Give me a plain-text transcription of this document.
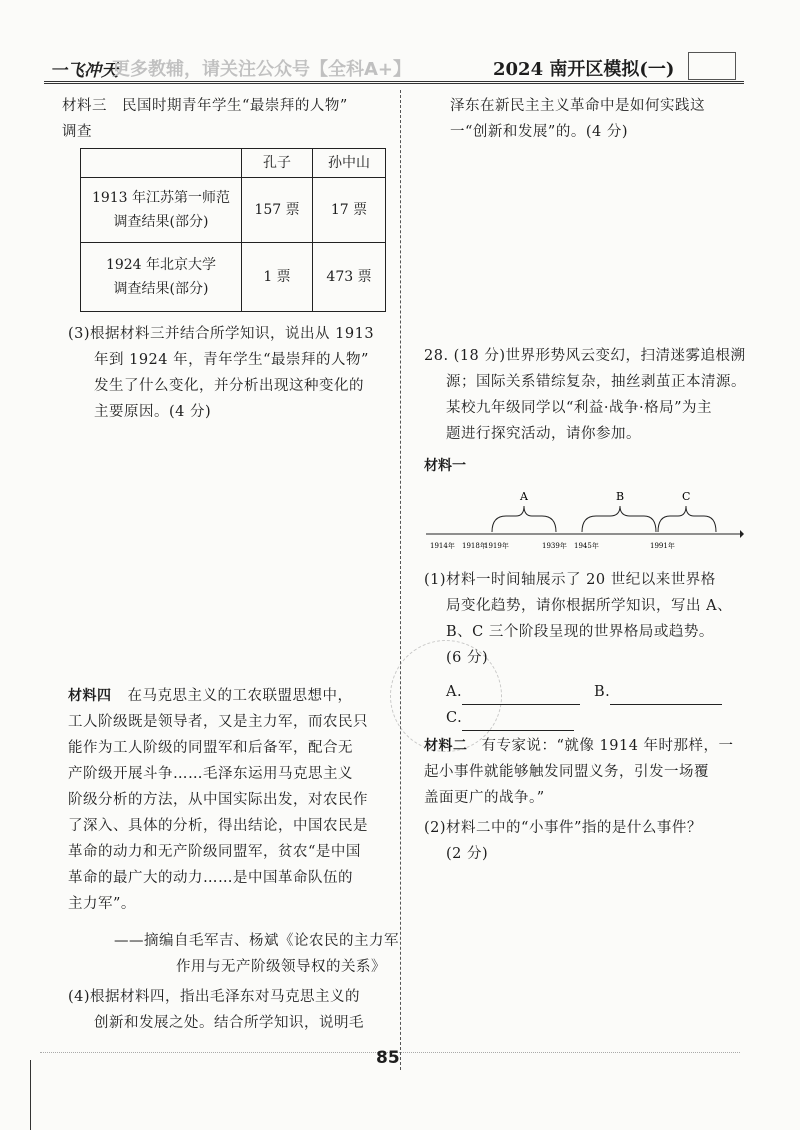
一飞冲天
更多教辅，请关注公众号【全科A+】	2024 南开区模拟(一)
材料三　民国时期青年学生“最崇拜的人物”
调查
	孔子	孙中山

1913 年江苏第一师范
调查结果(部分)	157 票	17 票

1924 年北京大学
调查结果(部分)	1 票	473 票
(3)根据材料三并结合所学知识，说出从 1913
年到 1924 年，青年学生“最崇拜的人物”
发生了什么变化，并分析出现这种变化的
主要原因。(4 分)
材料四 在马克思主义的工农联盟思想中，
工人阶级既是领导者，又是主力军，而农民只
能作为工人阶级的同盟军和后备军，配合无
产阶级开展斗争……毛泽东运用马克思主义
阶级分析的方法，从中国实际出发，对农民作
了深入、具体的分析，得出结论，中国农民是
革命的动力和无产阶级同盟军，贫农“是中国
革命的最广大的动力……是中国革命队伍的
主力军”。
——摘编自毛军吉、杨斌《论农民的主力军
作用与无产阶级领导权的关系》
(4)根据材料四，指出毛泽东对马克思主义的
创新和发展之处。结合所学知识，说明毛
泽东在新民主主义革命中是如何实践这
一“创新和发展”的。(4 分)
28. (18 分)世界形势风云变幻，扫清迷雾追根溯
源；国际关系错综复杂，抽丝剥茧正本清源。
某校九年级同学以“利益·战争·格局”为主
题进行探究活动，请你参加。
材料一
A	B	C
1914年 1918年
1919年	1939年 1945年	1991年
(1)材料一时间轴展示了 20 世纪以来世界格
局变化趋势，请你根据所学知识，写出 A、
B、C 三个阶段呈现的世界格局或趋势。
(6 分)
A.	B.
C.
材料二 有专家说：“就像 1914 年时那样，一
起小事件就能够触发同盟义务，引发一场覆
盖面更广的战争。”
(2)材料二中的“小事件”指的是什么事件？
(2 分)
85
